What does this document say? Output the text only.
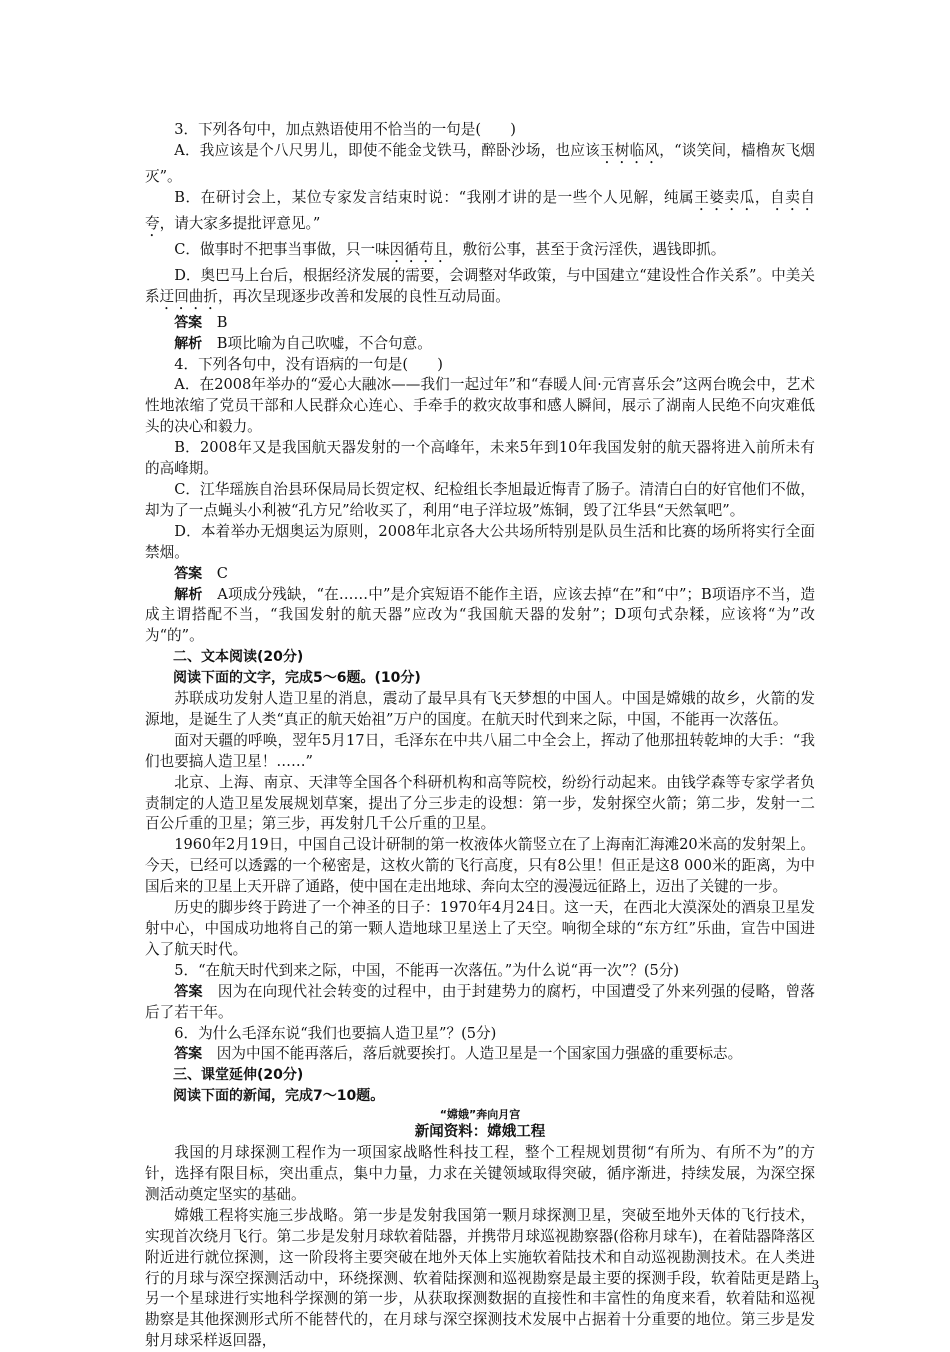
3．下列各句中，加点熟语使用不恰当的一句是(　　)

A．我应该是个八尺男儿，即使不能金戈铁马，醉卧沙场，也应该玉树临风，“谈笑间，樯橹灰飞烟灭”。

B．在研讨会上，某位专家发言结束时说：“我刚才讲的是一些个人见解，纯属王婆卖瓜，自卖自夸，请大家多提批评意见。”

C．做事时不把事当事做，只一味因循苟且，敷衍公事，甚至于贪污淫佚，遇钱即抓。

D．奥巴马上台后，根据经济发展的需要，会调整对华政策，与中国建立“建设性合作关系”。中美关系迂回曲折，再次呈现逐步改善和发展的良性互动局面。

答案　 B

解析　 B项比喻为自己吹嘘，不合句意。

4．下列各句中，没有语病的一句是(　　)

A．在2008年举办的“爱心大融冰——我们一起过年”和“春暖人间·元宵喜乐会”这两台晚会中，艺术性地浓缩了党员干部和人民群众心连心、手牵手的救灾故事和感人瞬间，展示了湖南人民绝不向灾难低头的决心和毅力。

B．2008年又是我国航天器发射的一个高峰年，未来5年到10年我国发射的航天器将进入前所未有的高峰期。

C．江华瑶族自治县环保局局长贺定权、纪检组长李旭最近悔青了肠子。清清白白的好官他们不做，却为了一点蝇头小利被“孔方兄”给收买了，利用“电子洋垃圾”炼铜，毁了江华县“天然氧吧”。

D．本着举办无烟奥运为原则，2008年北京各大公共场所特别是队员生活和比赛的场所将实行全面禁烟。

答案　 C

解析　 A项成分残缺，“在……中”是介宾短语不能作主语，应该去掉“在”和“中”；B项语序不当，造成主谓搭配不当，“我国发射的航天器”应改为“我国航天器的发射”；D项句式杂糅，应该将“为”改为“的”。

二、文本阅读(20分)

阅读下面的文字，完成5～6题。(10分)

苏联成功发射人造卫星的消息，震动了最早具有飞天梦想的中国人。中国是嫦娥的故乡，火箭的发源地，是诞生了人类“真正的航天始祖”万户的国度。在航天时代到来之际，中国，不能再一次落伍。

面对天疆的呼唤，翌年5月17日，毛泽东在中共八届二中全会上，挥动了他那扭转乾坤的大手：“我们也要搞人造卫星！……”

北京、上海、南京、天津等全国各个科研机构和高等院校，纷纷行动起来。由钱学森等专家学者负责制定的人造卫星发展规划草案，提出了分三步走的设想：第一步，发射探空火箭；第二步，发射一二百公斤重的卫星；第三步，再发射几千公斤重的卫星。

1960年2月19日，中国自己设计研制的第一枚液体火箭竖立在了上海南汇海滩20米高的发射架上。今天，已经可以透露的一个秘密是，这枚火箭的飞行高度，只有8公里！但正是这8 000米的距离，为中国后来的卫星上天开辟了通路，使中国在走出地球、奔向太空的漫漫远征路上，迈出了关键的一步。

历史的脚步终于跨进了一个神圣的日子：1970年4月24日。这一天，在西北大漠深处的酒泉卫星发射中心，中国成功地将自己的第一颗人造地球卫星送上了天空。响彻全球的“东方红”乐曲，宣告中国进入了航天时代。

5．“在航天时代到来之际，中国，不能再一次落伍。”为什么说“再一次”？(5分)

答案　 因为在向现代社会转变的过程中，由于封建势力的腐朽，中国遭受了外来列强的侵略，曾落后了若干年。

6．为什么毛泽东说“我们也要搞人造卫星”？(5分)

答案　 因为中国不能再落后，落后就要挨打。人造卫星是一个国家国力强盛的重要标志。

三、课堂延伸(20分)

阅读下面的新闻，完成7～10题。

“嫦娥”奔向月宫

新闻资料：嫦娥工程

我国的月球探测工程作为一项国家战略性科技工程，整个工程规划贯彻“有所为、有所不为”的方针，选择有限目标，突出重点，集中力量，力求在关键领域取得突破，循序渐进，持续发展，为深空探测活动奠定坚实的基础。

嫦娥工程将实施三步战略。第一步是发射我国第一颗月球探测卫星，突破至地外天体的飞行技术，实现首次绕月飞行。第二步是发射月球软着陆器，并携带月球巡视勘察器(俗称月球车)，在着陆器降落区附近进行就位探测，这一阶段将主要突破在地外天体上实施软着陆技术和自动巡视勘测技术。在人类进行的月球与深空探测活动中，环绕探测、软着陆探测和巡视勘察是最主要的探测手段，软着陆更是踏上另一个星球进行实地科学探测的第一步，从获取探测数据的直接性和丰富性的角度来看，软着陆和巡视勘察是其他探测形式所不能替代的，在月球与深空探测技术发展中占据着十分重要的地位。第三步是发射月球采样返回器，

3
